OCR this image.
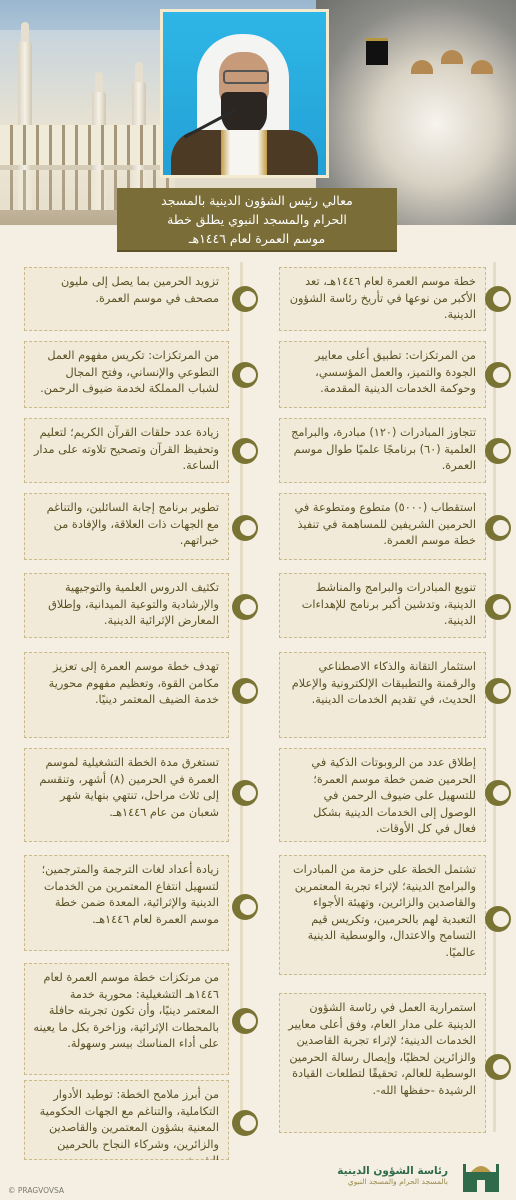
معالي رئيس الشؤون الدينية بالمسجد
الحرام والمسجد النبوي يطلق خطة
موسم العمرة لعام ١٤٤٦هـ
خطة موسم العمرة لعام ١٤٤٦هـ، تعد الأكبر من نوعها في تأريخ رئاسة الشؤون الدينية.
من المرتكزات: تطبيق أعلى معايير الجودة والتميز، والعمل المؤسسي، وحوكمة الخدمات الدينية المقدمة.
تتجاوز المبادرات (١٢٠) مبادرة، والبرامج العلمية (٦٠) برنامجًا علميًا طوال موسم العمرة.
استقطاب (٥٠٠٠) متطوع ومتطوعة في الحرمين الشريفين للمساهمة في تنفيذ خطة موسم العمرة.
تنويع المبادرات والبرامج والمناشط الدينية، وتدشين أكبر برنامج للإهداءات الدينية.
استثمار التقانة والذكاء الاصطناعي والرقمنة والتطبيقات الإلكترونية والإعلام الحديث، في تقديم الخدمات الدينية.
إطلاق عدد من الروبوتات الذكية في الحرمين ضمن خطة موسم العمرة؛ للتسهيل على ضيوف الرحمن في الوصول إلى الخدمات الدينية بشكل فعال في كل الأوقات.
تشتمل الخطة على حزمة من المبادرات والبرامج الدينية؛ لإثراء تجربة المعتمرين والقاصدين والزائرين، وتهيئة الأجواء التعبدية لهم بالحرمين، وتكريس قيم التسامح والاعتدال، والوسطية الدينية عالميًا.
استمرارية العمل في رئاسة الشؤون الدينية على مدار العام، وفق أعلى معايير الخدمات الدينية؛ لإثراء تجربة القاصدين والزائرين لحظيًا، وإيصال رسالة الحرمين الوسطية للعالم، تحقيقًا لتطلعات القيادة الرشيدة -حفظها الله-.
تزويد الحرمين بما يصل إلى مليون مصحف في موسم العمرة.
من المرتكزات: تكريس مفهوم العمل التطوعي والإنساني، وفتح المجال لشباب المملكة لخدمة ضيوف الرحمن.
زيادة عدد حلقات القرآن الكريم؛ لتعليم وتحفيظ القرآن وتصحيح تلاوته على مدار الساعة.
تطوير برنامج إجابة السائلين، والتناغم مع الجهات ذات العلاقة، والإفادة من خبراتهم.
تكثيف الدروس العلمية والتوجيهية والإرشادية والتوعية الميدانية، وإطلاق المعارض الإثرائية الدينية.
تهدف خطة موسم العمرة إلى تعزيز مكامن القوة، وتعظيم مفهوم محورية خدمة الضيف المعتمر دينيًا.
تستغرق مدة الخطة التشغيلية لموسم العمرة في الحرمين (٨) أشهر، وتنقسم إلى ثلاث مراحل، تنتهي بنهاية شهر شعبان من عام ١٤٤٦هـ.
زيادة أعداد لغات الترجمة والمترجمين؛ لتسهيل انتفاع المعتمرين من الخدمات الدينية والإثرائية، المعدة ضمن خطة موسم العمرة لعام ١٤٤٦هـ.
من مرتكزات خطة موسم العمرة لعام ١٤٤٦هـ التشغيلية: محورية خدمة المعتمر دينيًا، وأن تكون تجربته حافلة بالمحطات الإثرائية، وزاخرة بكل ما يعينه على أداء المناسك بيسر وسهولة.
من أبرز ملامح الخطة: توطيد الأدوار التكاملية، والتناغم مع الجهات الحكومية المعنية بشؤون المعتمرين والقاصدين والزائرين، وشركاء النجاح بالحرمين
© PRAGVOVSA
رئاسة الشؤون الدينية
بالمسجد الحرام والمسجد النبوي
